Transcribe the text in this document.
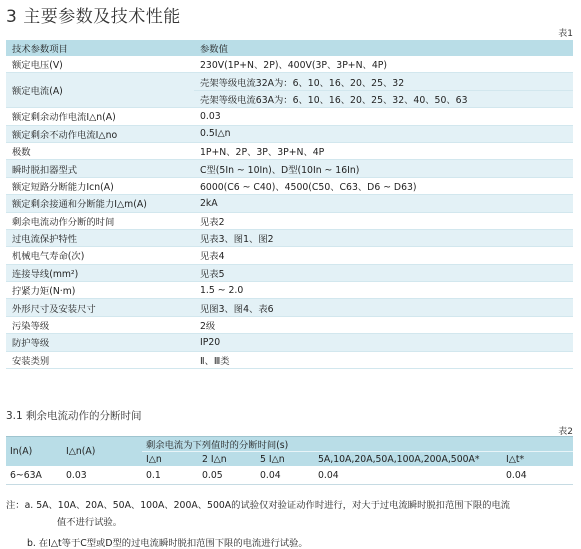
3 主要参数及技术性能
表1
技术参数项目	参数值
额定电压(V)	230V(1P+N、2P)、400V(3P、3P+N、4P)
额定电流(A)	壳架等级电流32A为：6、10、16、20、25、32
	壳架等级电流63A为：6、10、16、20、25、32、40、50、63
额定剩余动作电流I△n(A)	0.03
额定剩余不动作电流I△no	0.5I△n
极数	1P+N、2P、3P、3P+N、4P
瞬时脱扣器型式	C型(5In ~ 10In)、D型(10In ~ 16In)
额定短路分断能力Icn(A)	6000(C6 ~ C40)、4500(C50、C63、D6 ~ D63)
额定剩余接通和分断能力I△m(A)	2kA
剩余电流动作分断的时间	见表2
过电流保护特性	见表3、图1、图2
机械电气寿命(次)	见表4
连接导线(mm²)	见表5
拧紧力矩(N·m)	1.5 ~ 2.0
外形尺寸及安装尺寸	见图3、图4、表6
污染等级	2级
防护等级	IP20
安装类别	Ⅱ、Ⅲ类
3.1 剩余电流动作的分断时间
表2
In(A)	I△n(A)	剩余电流为下列值时的分断时间(s)				
		I△n	2 I△n	5 I△n	5A,10A,20A,50A,100A,200A,500A*	I△t*
6~63A	0.03	0.1	0.05	0.04	0.04	0.04
注：a. 5A、10A、20A、50A、100A、200A、500A的试验仅对验证动作时进行，对大于过电流瞬时脱扣范围下限的电流
值不进行试验。
b. 在I△t等于C型或D型的过电流瞬时脱扣范围下限的电流进行试验。
